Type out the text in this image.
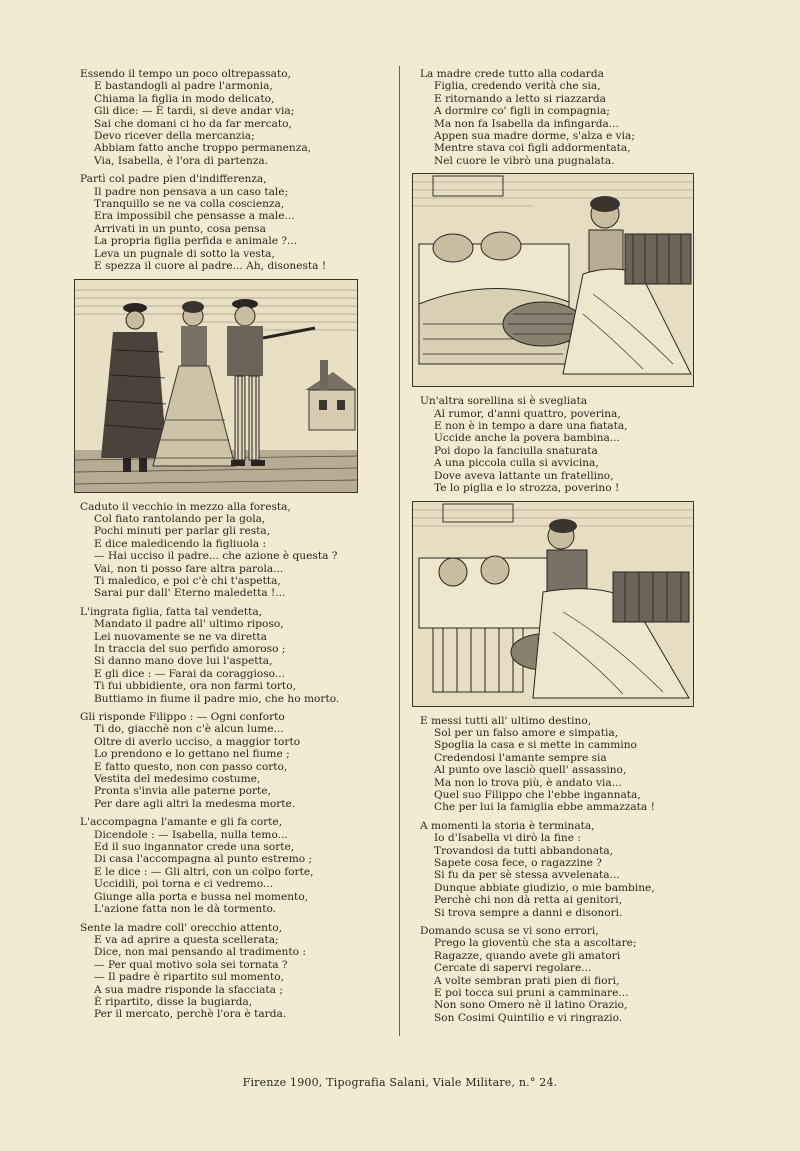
Essendo il tempo un poco oltrepassato,
E bastandogli al padre l'armonia,
Chiama la figlia in modo delicato,
Gli dice: — È tardi, si deve andar via;
Sai che domani ci ho da far mercato,
Devo ricever della mercanzia;
Abbiam fatto anche troppo permanenza,
Via, Isabella, è l'ora di partenza.
Partì col padre pien d'indifferenza,
Il padre non pensava a un caso tale;
Tranquillo se ne va colla coscienza,
Era impossibil che pensasse a male...
Arrivati in un punto, cosa pensa
La propria figlia perfida e animale ?...
Leva un pugnale di sotto la vesta,
E spezza il cuore al padre... Ah, disonesta !
Caduto il vecchio in mezzo alla foresta,
Col fiato rantolando per la gola,
Pochi minuti per parlar gli resta,
E dice maledicendo la figliuola :
— Hai ucciso il padre... che azione è questa ?
Vai, non ti posso fare altra parola...
Ti maledico, e poi c'è chi t'aspetta,
Sarai pur dall' Eterno maledetta !...
L'ingrata figlia, fatta tal vendetta,
Mandato il padre all' ultimo riposo,
Lei nuovamente se ne va diretta
In traccia del suo perfido amoroso ;
Si danno mano dove lui l'aspetta,
E gli dice : — Farai da coraggioso...
Ti fui ubbidiente, ora non farmi torto,
Buttiamo in fiume il padre mio, che ho morto.
Gli risponde Filippo : — Ogni conforto
Ti do, giacchè non c'è alcun lume...
Oltre di averlo ucciso, a maggior torto
Lo prendono e lo gettano nel fiume ;
E fatto questo, non con passo corto,
Vestita del medesimo costume,
Pronta s'invia alle paterne porte,
Per dare agli altri la medesma morte.
L'accompagna l'amante e gli fa corte,
Dicendole : — Isabella, nulla temo...
Ed il suo ingannator crede una sorte,
Di casa l'accompagna al punto estremo ;
E le dice : — Gli altri, con un colpo forte,
Uccidili, poi torna e ci vedremo...
Giunge alla porta e bussa nel momento,
L'azione fatta non le dà tormento.
Sente la madre coll' orecchio attento,
E va ad aprire a questa scellerata;
Dice, non mai pensando al tradimento :
— Per qual motivo sola sei tornata ?
— Il padre è ripartito sul momento,
A sua madre risponde la sfacciata ;
È ripartito, disse la bugiarda,
Per il mercato, perchè l'ora è tarda.
La madre crede tutto alla codarda
Figlia, credendo verità che sia,
E ritornando a letto si riazzarda
A dormire co' figli in compagnia;
Ma non fa Isabella da infingarda...
Appen sua madre dorme, s'alza e via;
Mentre stava coi figli addormentata,
Nel cuore le vibrò una pugnalata.
Un'altra sorellina si è svegliata
Al rumor, d'anni quattro, poverina,
E non è in tempo a dare una fiatata,
Uccide anche la povera bambina...
Poi dopo la fanciulla snaturata
A una piccola culla si avvicina,
Dove aveva lattante un fratellino,
Te lo piglia e lo strozza, poverino !
E messi tutti all' ultimo destino,
Sol per un falso amore e simpatia,
Spoglia la casa e si mette in cammino
Credendosi l'amante sempre sia
Al punto ove lasciò quell' assassino,
Ma non lo trova più, è andato via...
Quel suo Filippo che l'ebbe ingannata,
Che per lui la famiglia ebbe ammazzata !
A momenti la storia è terminata,
Io d'Isabella vi dirò la fine :
Trovandosi da tutti abbandonata,
Sapete cosa fece, o ragazzine ?
Si fu da per sè stessa avvelenata...
Dunque abbiate giudizio, o mie bambine,
Perchè chi non dà retta ai genitori,
Si trova sempre a danni e disonori.
Domando scusa se vi sono errori,
Prego la gioventù che sta a ascoltare;
Ragazze, quando avete gli amatori
Cercate di sapervi regolare...
A volte sembran prati pien di fiori,
E poi tocca sui pruni a camminare...
Non sono Omero nè il latino Orazio,
Son Cosimi Quintilio e vi ringrazio.
Firenze 1900, Tipografia Salani, Viale Militare, n.° 24.
